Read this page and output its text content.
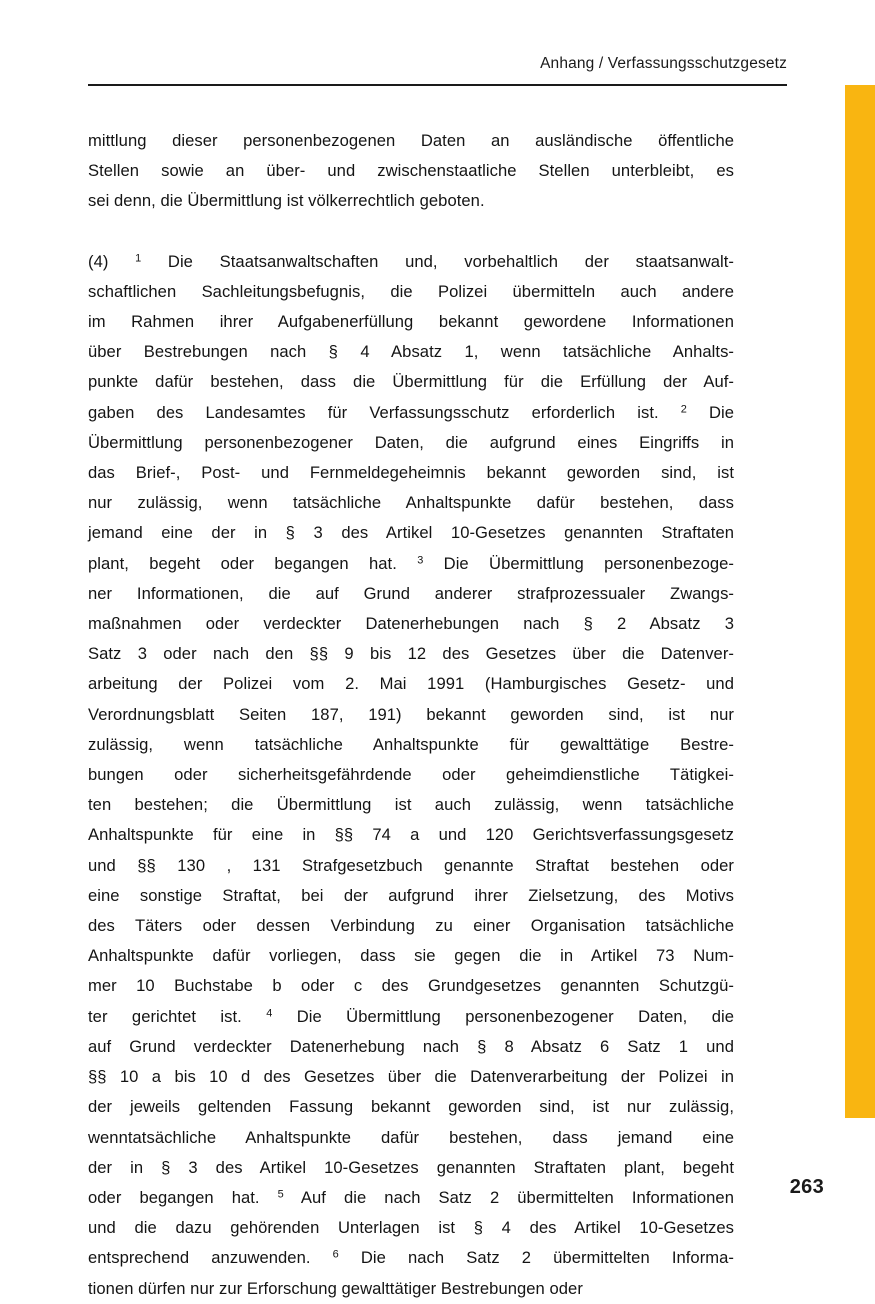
Anhang / Verfassungsschutzgesetz

mittlung dieser personenbezogenen Daten an ausländische öffentliche
Stellen sowie an über- und zwischenstaatliche Stellen unterbleibt, es
sei denn, die Übermittlung ist völkerrechtlich geboten.

(4) $^1$ Die Staatsanwaltschaften und, vorbehaltlich der staatsanwalt-
schaftlichen Sachleitungsbefugnis, die Polizei übermitteln auch andere
im Rahmen ihrer Aufgabenerfüllung bekannt gewordene Informationen
über Bestrebungen nach § 4 Absatz 1, wenn tatsächliche Anhalts-
punkte dafür bestehen, dass die Übermittlung für die Erfüllung der Auf-
gaben des Landesamtes für Verfassungsschutz erforderlich ist. $^2$ Die
Übermittlung personenbezogener Daten, die aufgrund eines Eingriffs in
das Brief-, Post- und Fernmeldegeheimnis bekannt geworden sind, ist
nur zulässig, wenn tatsächliche Anhaltspunkte dafür bestehen, dass
jemand eine der in § 3 des Artikel 10-Gesetzes genannten Straftaten
plant, begeht oder begangen hat. $^3$ Die Übermittlung personenbezoge-
ner Informationen, die auf Grund anderer strafprozessualer Zwangs-
maßnahmen oder verdeckter Datenerhebungen nach § 2 Absatz 3
Satz 3 oder nach den §§ 9 bis 12 des Gesetzes über die Datenver-
arbeitung der Polizei vom 2. Mai 1991 (Hamburgisches Gesetz- und
Verordnungsblatt Seiten 187, 191) bekannt geworden sind, ist nur
zulässig, wenn tatsächliche Anhaltspunkte für gewalttätige Bestre-
bungen oder sicherheitsgefährdende oder geheimdienstliche Tätigkei-
ten bestehen; die Übermittlung ist auch zulässig, wenn tatsächliche
Anhaltspunkte für eine in §§ 74 a und 120 Gerichtsverfassungsgesetz
und §§ 130 , 131 Strafgesetzbuch genannte Straftat bestehen oder
eine sonstige Straftat, bei der aufgrund ihrer Zielsetzung, des Motivs
des Täters oder dessen Verbindung zu einer Organisation tatsächliche
Anhaltspunkte dafür vorliegen, dass sie gegen die in Artikel 73 Num-
mer 10 Buchstabe b oder c des Grundgesetzes genannten Schutzgü-
ter gerichtet ist. $^4$ Die Übermittlung personenbezogener Daten, die
auf Grund verdeckter Datenerhebung nach § 8 Absatz 6 Satz 1 und
§§ 10 a bis 10 d des Gesetzes über die Datenverarbeitung der Polizei in
der jeweils geltenden Fassung bekannt geworden sind, ist nur zulässig,
wenntatsächliche Anhaltspunkte dafür bestehen, dass jemand eine
der in § 3 des Artikel 10-Gesetzes genannten Straftaten plant, begeht
oder begangen hat. $^5$ Auf die nach Satz 2 übermittelten Informationen
und die dazu gehörenden Unterlagen ist § 4 des Artikel 10-Gesetzes
entsprechend anzuwenden. $^6$ Die nach Satz 2 übermittelten Informa-
tionen dürfen nur zur Erforschung gewalttätiger Bestrebungen oder

263
